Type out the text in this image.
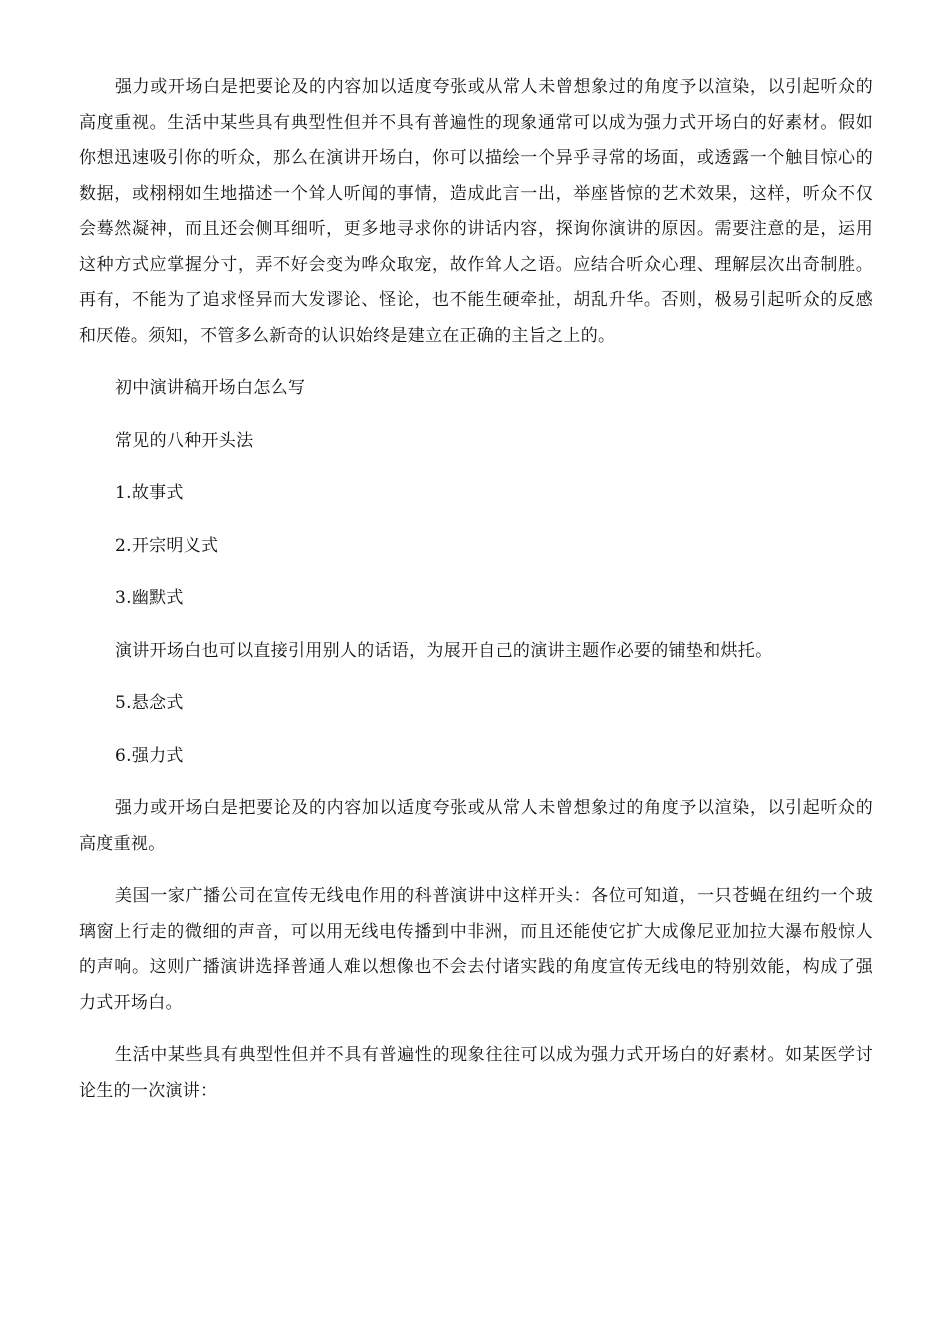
强力或开场白是把要论及的内容加以适度夸张或从常人未曾想象过的角度予以渲染，以引起听众的高度重视。生活中某些具有典型性但并不具有普遍性的现象通常可以成为强力式开场白的好素材。假如你想迅速吸引你的听众，那么在演讲开场白，你可以描绘一个异乎寻常的场面，或透露一个触目惊心的数据，或栩栩如生地描述一个耸人听闻的事情，造成此言一出，举座皆惊的艺术效果，这样，听众不仅会蓦然凝神，而且还会侧耳细听，更多地寻求你的讲话内容，探询你演讲的原因。需要注意的是，运用这种方式应掌握分寸，弄不好会变为哗众取宠，故作耸人之语。应结合听众心理、理解层次出奇制胜。再有，不能为了追求怪异而大发谬论、怪论，也不能生硬牵扯，胡乱升华。否则，极易引起听众的反感和厌倦。须知，不管多么新奇的认识始终是建立在正确的主旨之上的。

初中演讲稿开场白怎么写

常见的八种开头法

1.故事式

2.开宗明义式

3.幽默式

演讲开场白也可以直接引用别人的话语，为展开自己的演讲主题作必要的铺垫和烘托。

5.悬念式

6.强力式

强力或开场白是把要论及的内容加以适度夸张或从常人未曾想象过的角度予以渲染，以引起听众的高度重视。

美国一家广播公司在宣传无线电作用的科普演讲中这样开头：各位可知道，一只苍蝇在纽约一个玻璃窗上行走的微细的声音，可以用无线电传播到中非洲，而且还能使它扩大成像尼亚加拉大瀑布般惊人的声响。这则广播演讲选择普通人难以想像也不会去付诸实践的角度宣传无线电的特别效能，构成了强力式开场白。

生活中某些具有典型性但并不具有普遍性的现象往往可以成为强力式开场白的好素材。如某医学讨论生的一次演讲：
